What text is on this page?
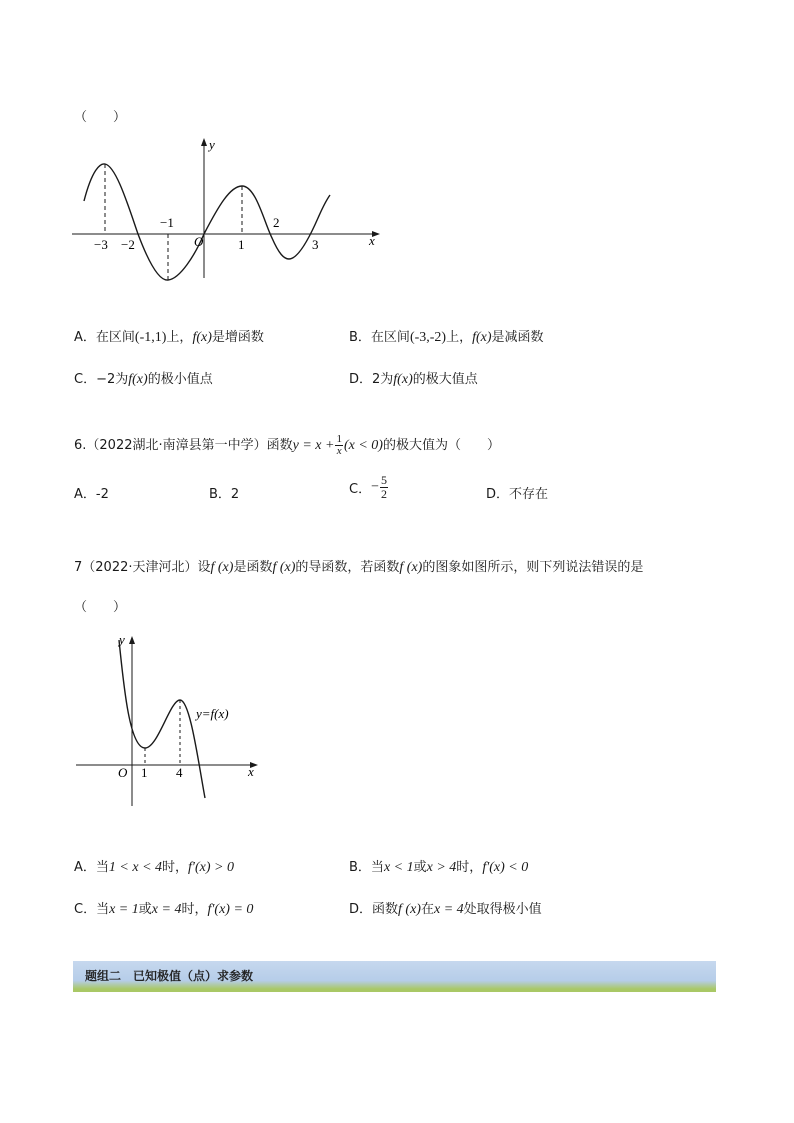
（　　）
y
x
O
−3 −2
−1
1
2
3
A．在区间(-1,1)上，f(x)是增函数	B．在区间(-3,-2)上，f(x)是减函数
C．−2为f(x)的极小值点	D．2为f(x)的极大值点
6.（2022湖北·南漳县第一中学）函数$y = x + \frac{1}{x} (x < 0)$的极大值为（　　）
A．-2	B．2	C．− $\frac{5}{2}$	D．不存在
7（2022·天津河北）设f (x)是函数f (x)的导函数，若函数f (x)的图象如图所示，则下列说法错误的是
（　　）
y
x
O 1 4
y=f(x)
A．当1 < x < 4时，f′(x) > 0	B．当x < 1或x > 4时，f′(x) < 0
C．当x = 1或x = 4时，f′(x) = 0	D．函数f (x)在x = 4处取得极小值
题组二　已知极值（点）求参数
